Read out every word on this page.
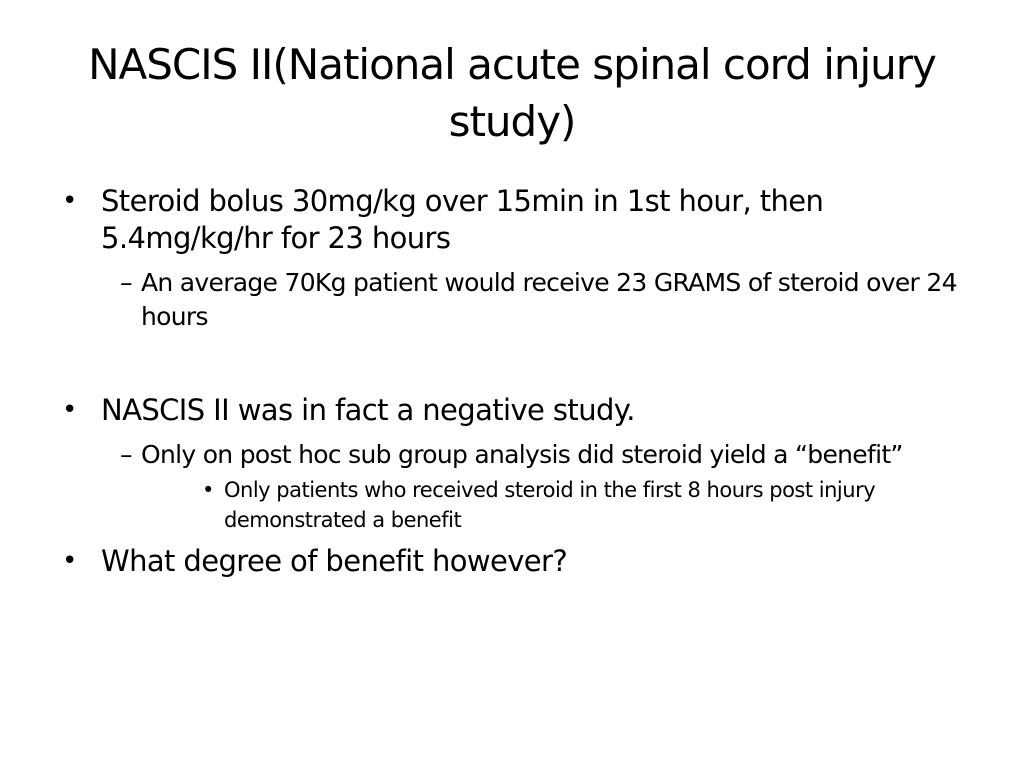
NASCIS II(National acute spinal cord injury study)
• Steroid bolus 30mg/kg over 15min in 1st hour, then 5.4mg/kg/hr for 23 hours
– An average 70Kg patient would receive 23 GRAMS of steroid over 24 hours
• NASCIS II was in fact a negative study.
– Only on post hoc sub group analysis did steroid yield a “benefit”
• Only patients who received steroid in the first 8 hours post injury demonstrated a benefit
• What degree of benefit however?
